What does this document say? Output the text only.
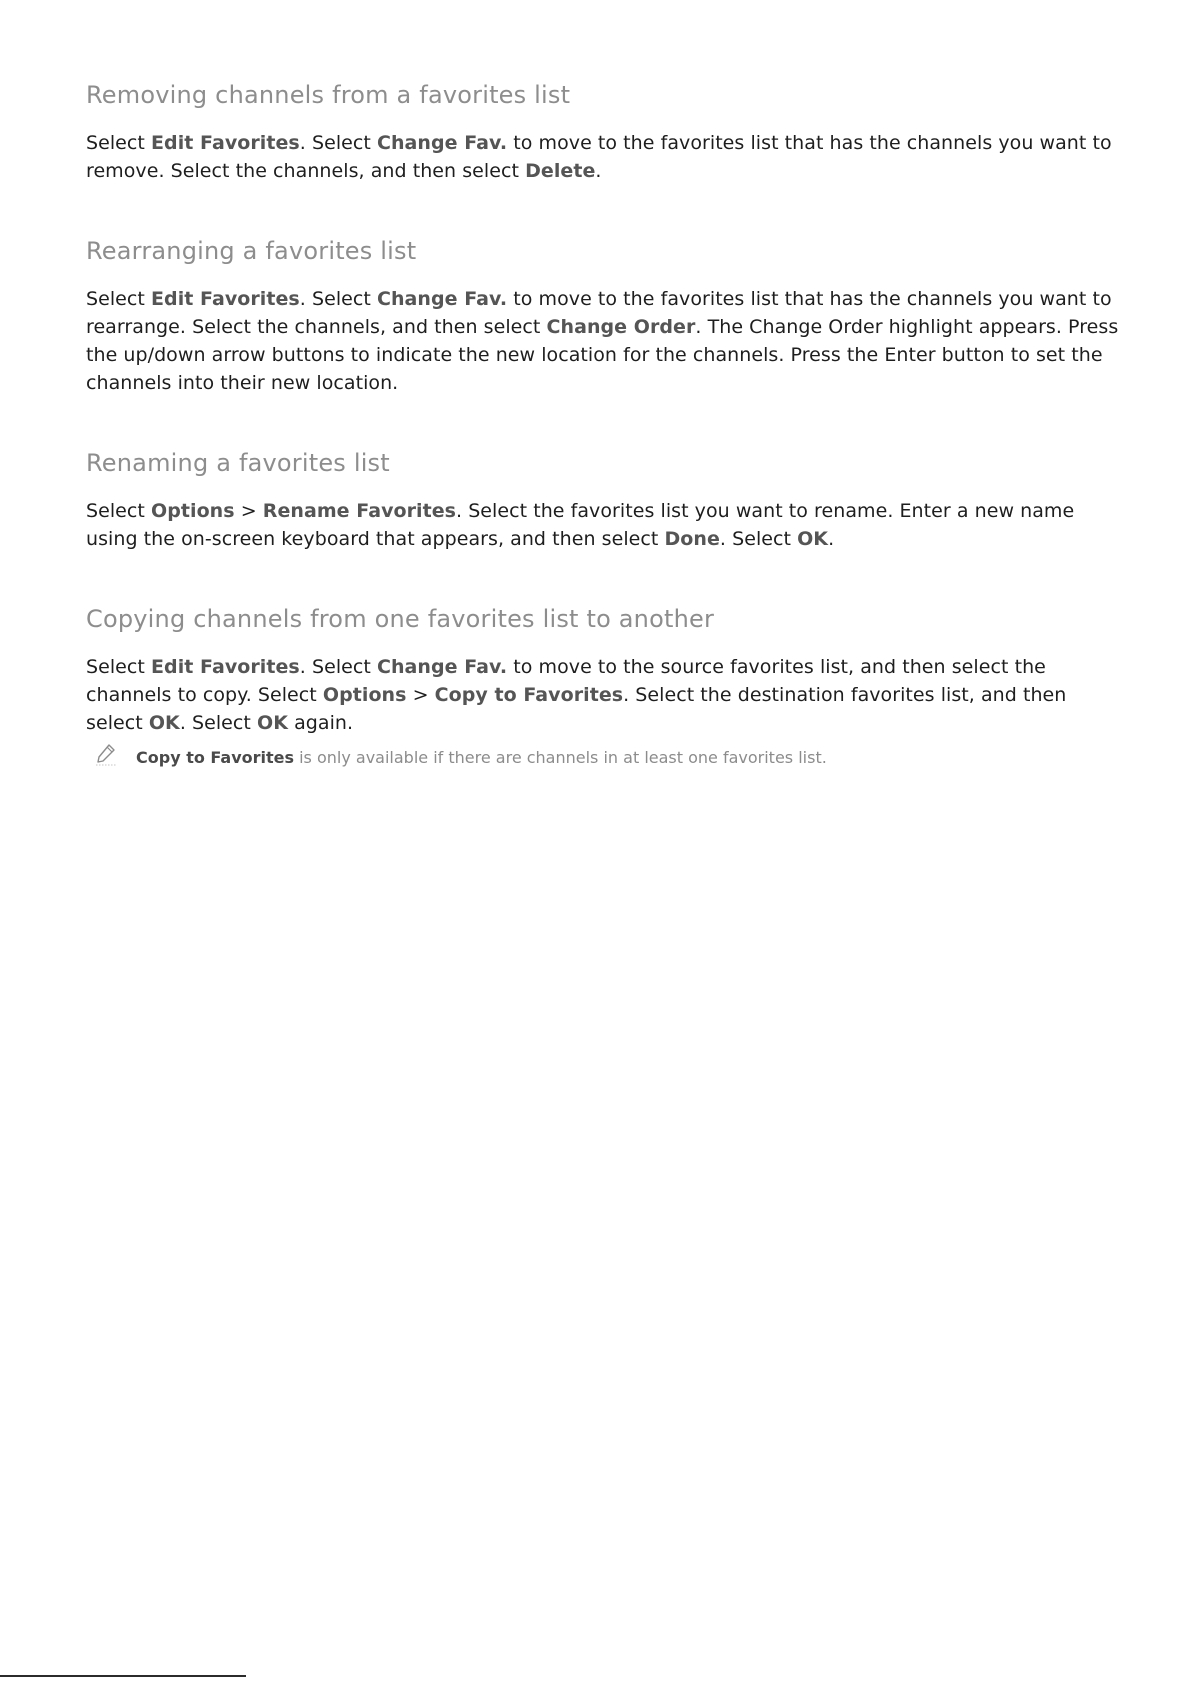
Removing channels from a favorites list

Select Edit Favorites. Select Change Fav. to move to the favorites list that has the channels you want to remove. Select the channels, and then select Delete.

Rearranging a favorites list

Select Edit Favorites. Select Change Fav. to move to the favorites list that has the channels you want to rearrange. Select the channels, and then select Change Order. The Change Order highlight appears. Press the up/down arrow buttons to indicate the new location for the channels. Press the Enter button to set the channels into their new location.

Renaming a favorites list

Select Options > Rename Favorites. Select the favorites list you want to rename. Enter a new name using the on-screen keyboard that appears, and then select Done. Select OK.

Copying channels from one favorites list to another

Select Edit Favorites. Select Change Fav. to move to the source favorites list, and then select the channels to copy. Select Options > Copy to Favorites. Select the destination favorites list, and then select OK. Select OK again.

Copy to Favorites is only available if there are channels in at least one favorites list.
